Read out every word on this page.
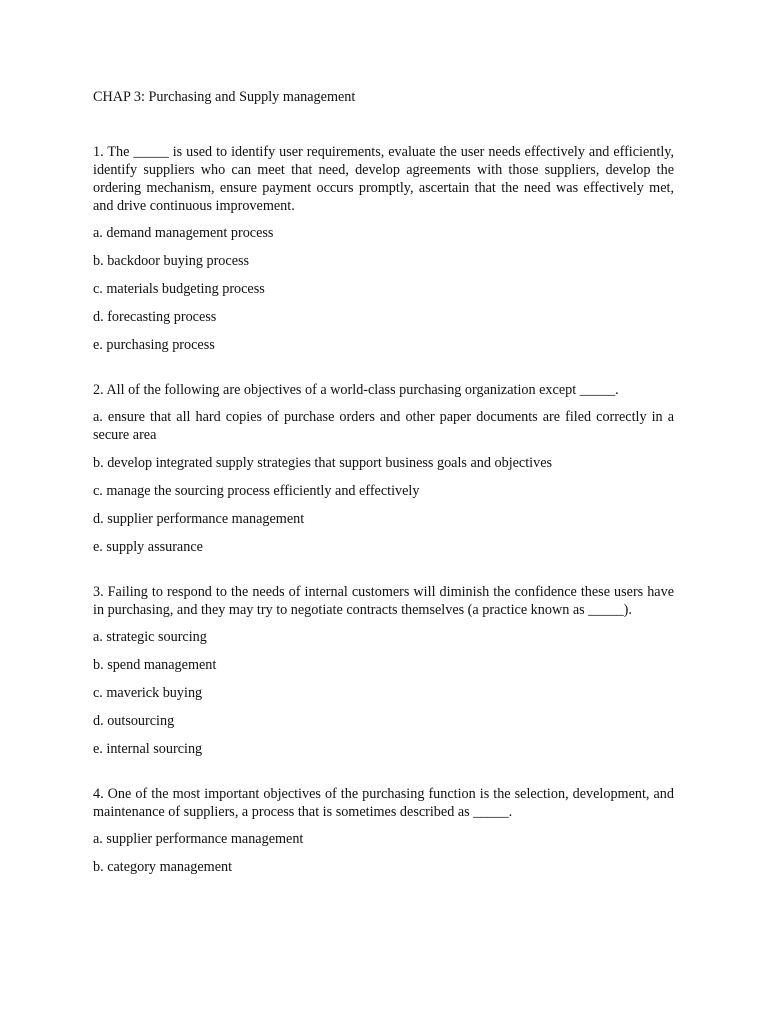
CHAP 3: Purchasing and Supply management
1. The _____ is used to identify user requirements, evaluate the user needs effectively and efficiently, identify suppliers who can meet that need, develop agreements with those suppliers, develop the ordering mechanism, ensure payment occurs promptly, ascertain that the need was effectively met, and drive continuous improvement.
a. demand management process
b. backdoor buying process
c. materials budgeting process
d. forecasting process
e. purchasing process
2. All of the following are objectives of a world-class purchasing organization except _____.
a. ensure that all hard copies of purchase orders and other paper documents are filed correctly in a secure area
b. develop integrated supply strategies that support business goals and objectives
c. manage the sourcing process efficiently and effectively
d. supplier performance management
e. supply assurance
3. Failing to respond to the needs of internal customers will diminish the confidence these users have in purchasing, and they may try to negotiate contracts themselves (a practice known as _____).
a. strategic sourcing
b. spend management
c. maverick buying
d. outsourcing
e. internal sourcing
4. One of the most important objectives of the purchasing function is the selection, development, and maintenance of suppliers, a process that is sometimes described as _____.
a. supplier performance management
b. category management
